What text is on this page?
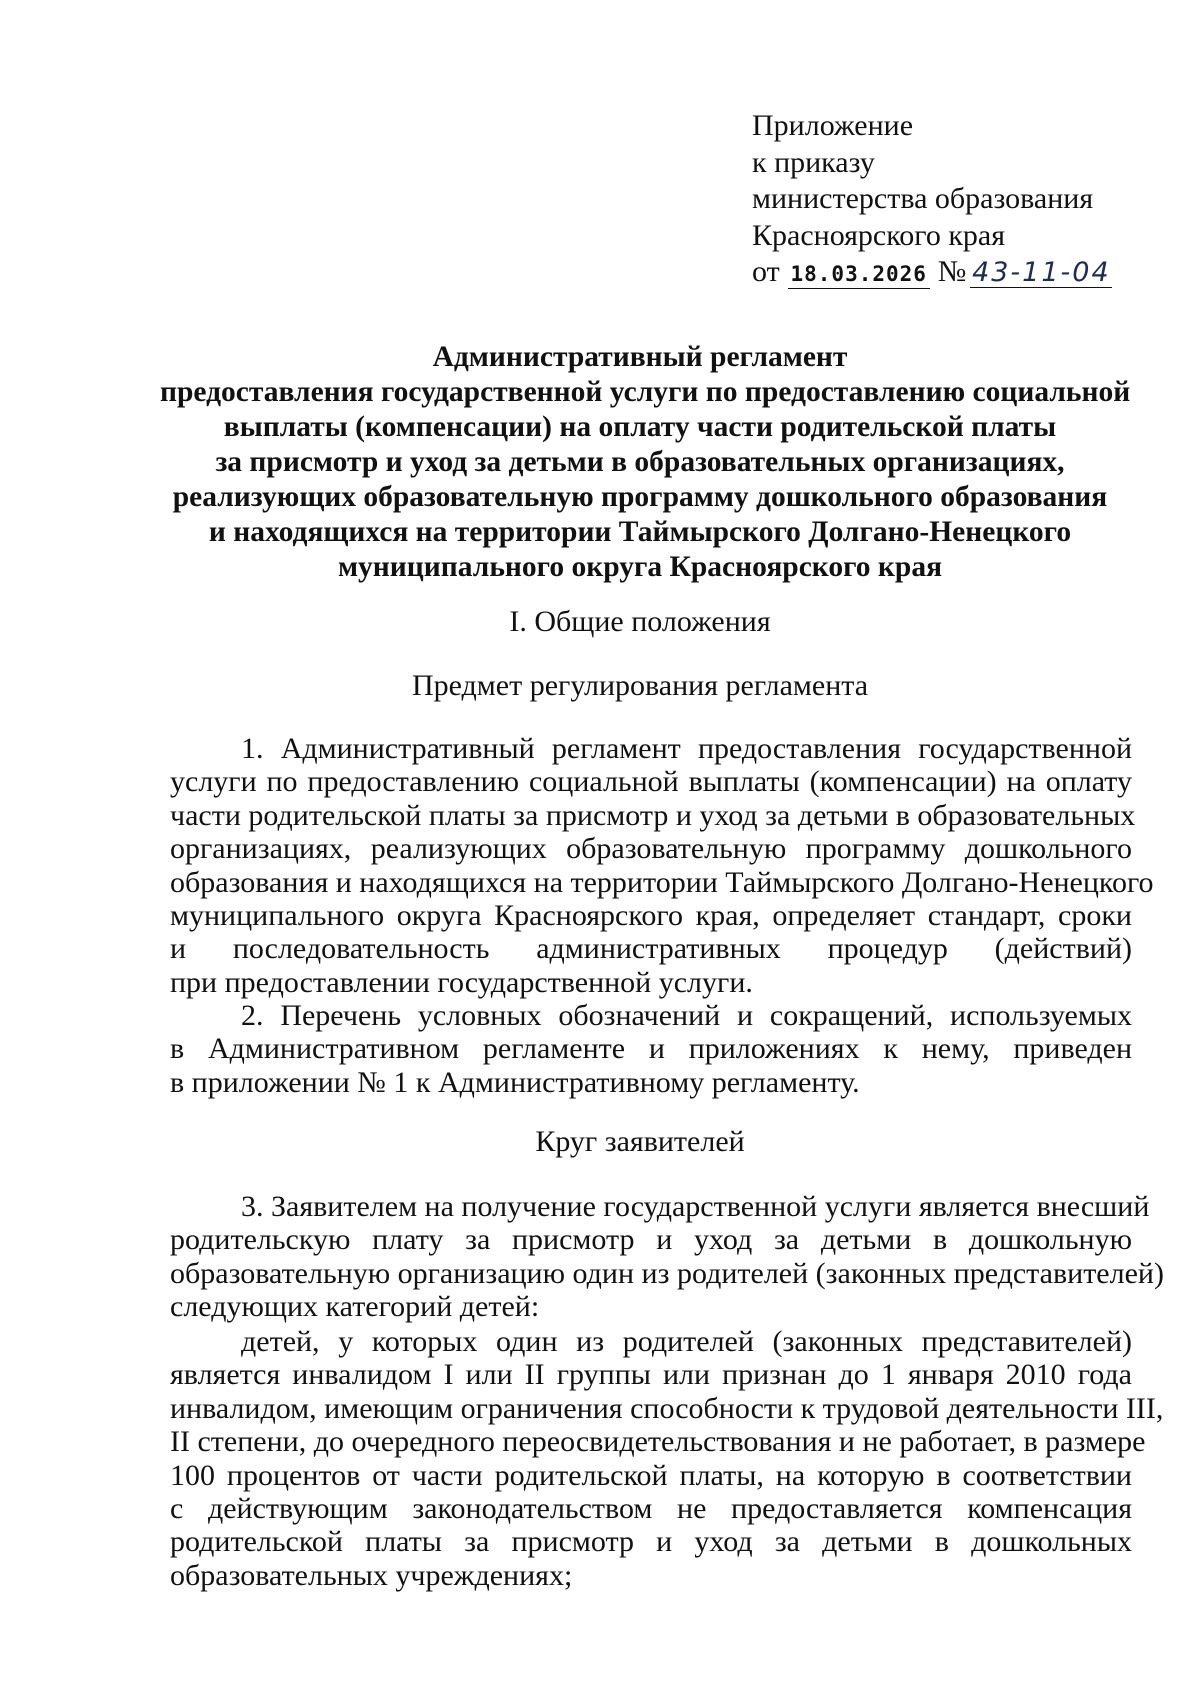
Приложение
к приказу
министерства образования
Красноярского края
от 18.03.2026 № 43-11-04
Административный регламент
предоставления государственной услуги по предоставлению социальной
выплаты (компенсации) на оплату части родительской платы
за присмотр и уход за детьми в образовательных организациях,
реализующих образовательную программу дошкольного образования
и находящихся на территории Таймырского Долгано-Ненецкого
муниципального округа Красноярского края
I. Общие положения
Предмет регулирования регламента
1. Административный регламент предоставления государственной
услуги по предоставлению социальной выплаты (компенсации) на оплату
части родительской платы за присмотр и уход за детьми в образовательных
организациях, реализующих образовательную программу дошкольного
образования и находящихся на территории Таймырского Долгано-Ненецкого
муниципального округа Красноярского края, определяет стандарт, сроки
и последовательность административных процедур (действий)
при предоставлении государственной услуги.
2. Перечень условных обозначений и сокращений, используемых
в Административном регламенте и приложениях к нему, приведен
в приложении № 1 к Административному регламенту.
Круг заявителей
3. Заявителем на получение государственной услуги является внесший
родительскую плату за присмотр и уход за детьми в дошкольную
образовательную организацию один из родителей (законных представителей)
следующих категорий детей:
детей, у которых один из родителей (законных представителей)
является инвалидом I или II группы или признан до 1 января 2010 года
инвалидом, имеющим ограничения способности к трудовой деятельности III,
II степени, до очередного переосвидетельствования и не работает, в размере
100 процентов от части родительской платы, на которую в соответствии
с действующим законодательством не предоставляется компенсация
родительской платы за присмотр и уход за детьми в дошкольных
образовательных учреждениях;
